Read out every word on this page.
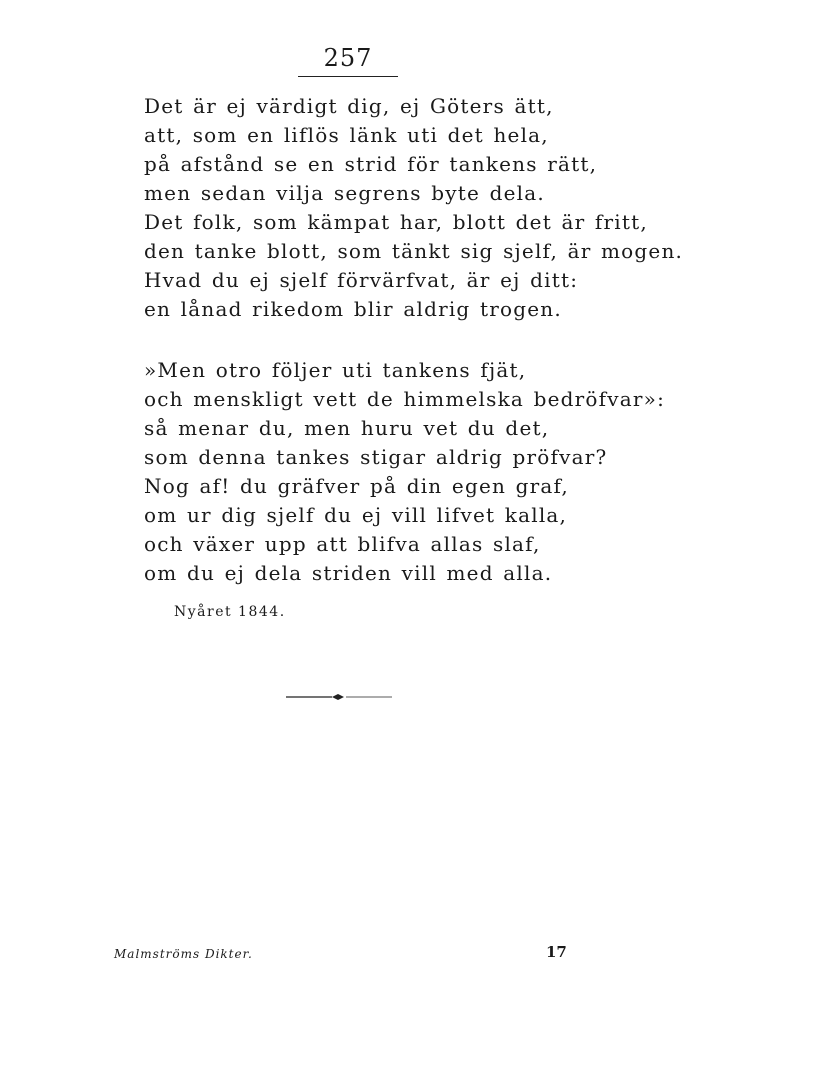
257
Det är ej värdigt dig, ej Göters ätt,
att, som en liflös länk uti det hela,
på afstånd se en strid för tankens rätt,
men sedan vilja segrens byte dela.
Det folk, som kämpat har, blott det är fritt,
den tanke blott, som tänkt sig sjelf, är mogen.
Hvad du ej sjelf förvärfvat, är ej ditt:
en lånad rikedom blir aldrig trogen.
»Men otro följer uti tankens fjät,
och menskligt vett de himmelska bedröfvar»:
så menar du, men huru vet du det,
som denna tankes stigar aldrig pröfvar?
Nog af! du gräfver på din egen graf,
om ur dig sjelf du ej vill lifvet kalla,
och växer upp att blifva allas slaf,
om du ej dela striden vill med alla.
Nyåret 1844.
Malmströms Dikter.	17
